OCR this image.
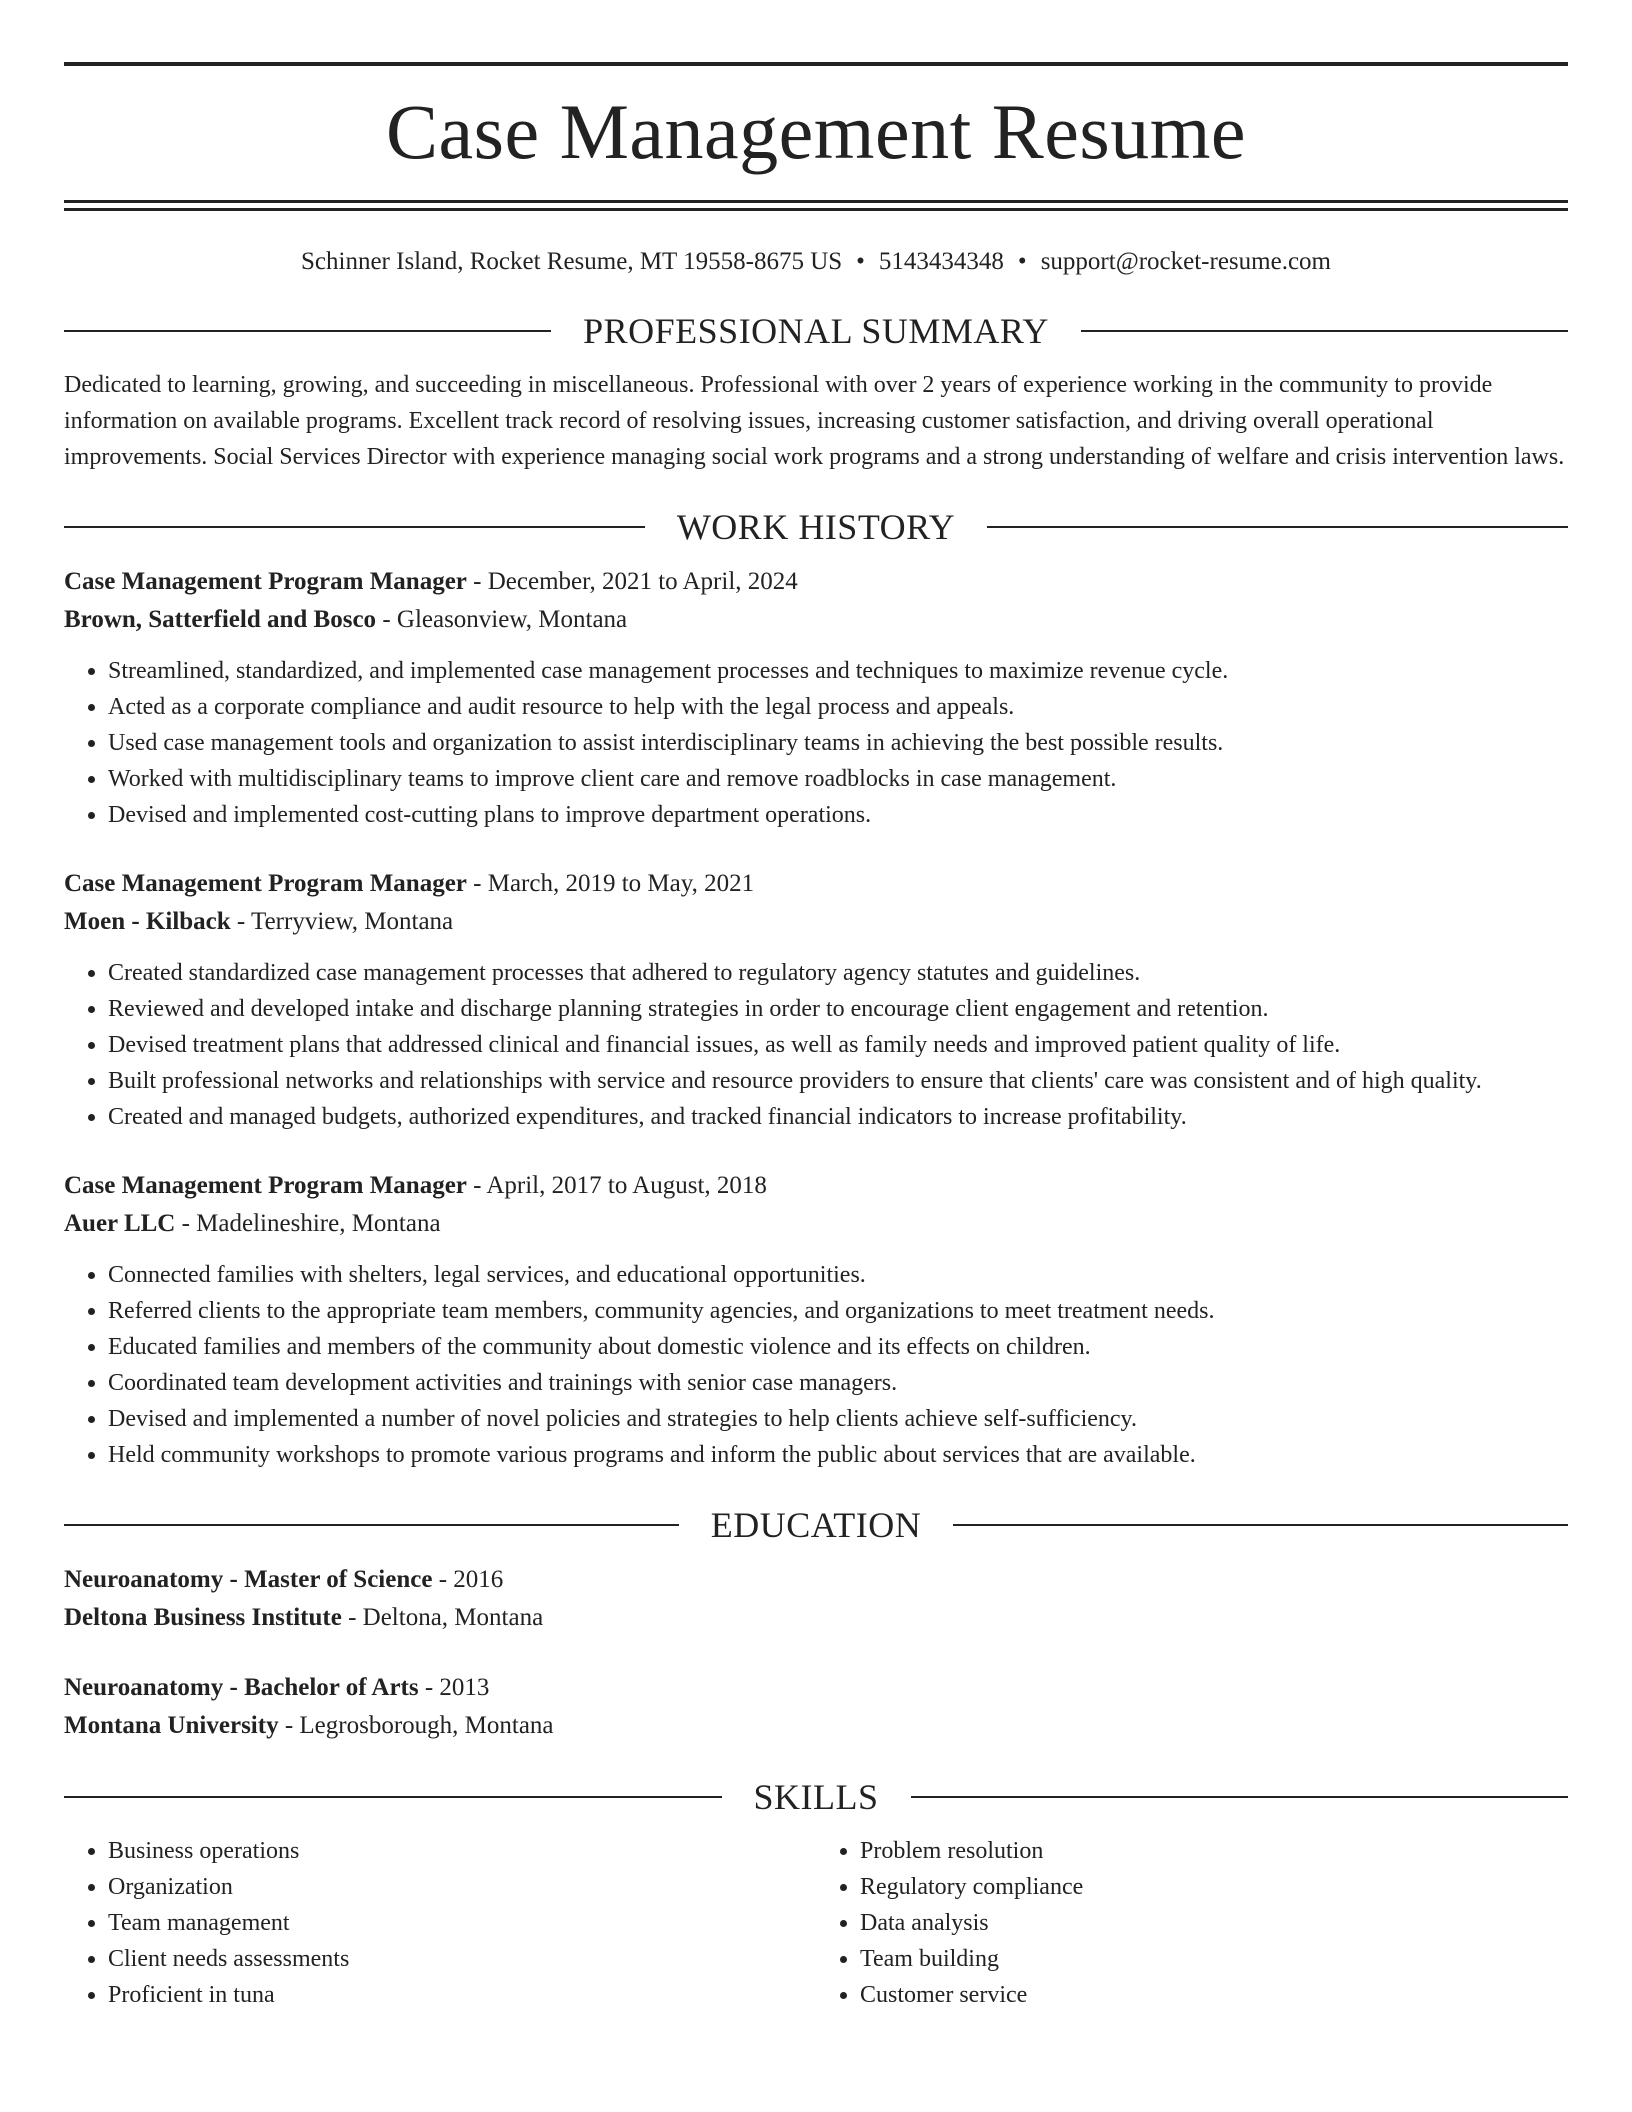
Case Management Resume
Schinner Island, Rocket Resume, MT 19558-8675 US • 5143434348 • support@rocket-resume.com
PROFESSIONAL SUMMARY

Dedicated to learning, growing, and succeeding in miscellaneous. Professional with over 2 years of experience working in the community to provide information on available programs. Excellent track record of resolving issues, increasing customer satisfaction, and driving overall operational improvements. Social Services Director with experience managing social work programs and a strong understanding of welfare and crisis intervention laws.

WORK HISTORY
Case Management Program Manager - December, 2021 to April, 2024
Brown, Satterfield and Bosco - Gleasonview, Montana
• Streamlined, standardized, and implemented case management processes and techniques to maximize revenue cycle.
• Acted as a corporate compliance and audit resource to help with the legal process and appeals.
• Used case management tools and organization to assist interdisciplinary teams in achieving the best possible results.
• Worked with multidisciplinary teams to improve client care and remove roadblocks in case management.
• Devised and implemented cost-cutting plans to improve department operations.
Case Management Program Manager - March, 2019 to May, 2021
Moen - Kilback - Terryview, Montana
• Created standardized case management processes that adhered to regulatory agency statutes and guidelines.
• Reviewed and developed intake and discharge planning strategies in order to encourage client engagement and retention.
• Devised treatment plans that addressed clinical and financial issues, as well as family needs and improved patient quality of life.
• Built professional networks and relationships with service and resource providers to ensure that clients' care was consistent and of high quality.
• Created and managed budgets, authorized expenditures, and tracked financial indicators to increase profitability.
Case Management Program Manager - April, 2017 to August, 2018
Auer LLC - Madelineshire, Montana
• Connected families with shelters, legal services, and educational opportunities.
• Referred clients to the appropriate team members, community agencies, and organizations to meet treatment needs.
• Educated families and members of the community about domestic violence and its effects on children.
• Coordinated team development activities and trainings with senior case managers.
• Devised and implemented a number of novel policies and strategies to help clients achieve self-sufficiency.
• Held community workshops to promote various programs and inform the public about services that are available.
EDUCATION
Neuroanatomy - Master of Science - 2016
Deltona Business Institute - Deltona, Montana
Neuroanatomy - Bachelor of Arts - 2013
Montana University - Legrosborough, Montana
SKILLS
• Business operations
• Organization
• Team management
• Client needs assessments
• Proficient in tuna
• Problem resolution
• Regulatory compliance
• Data analysis
• Team building
• Customer service
